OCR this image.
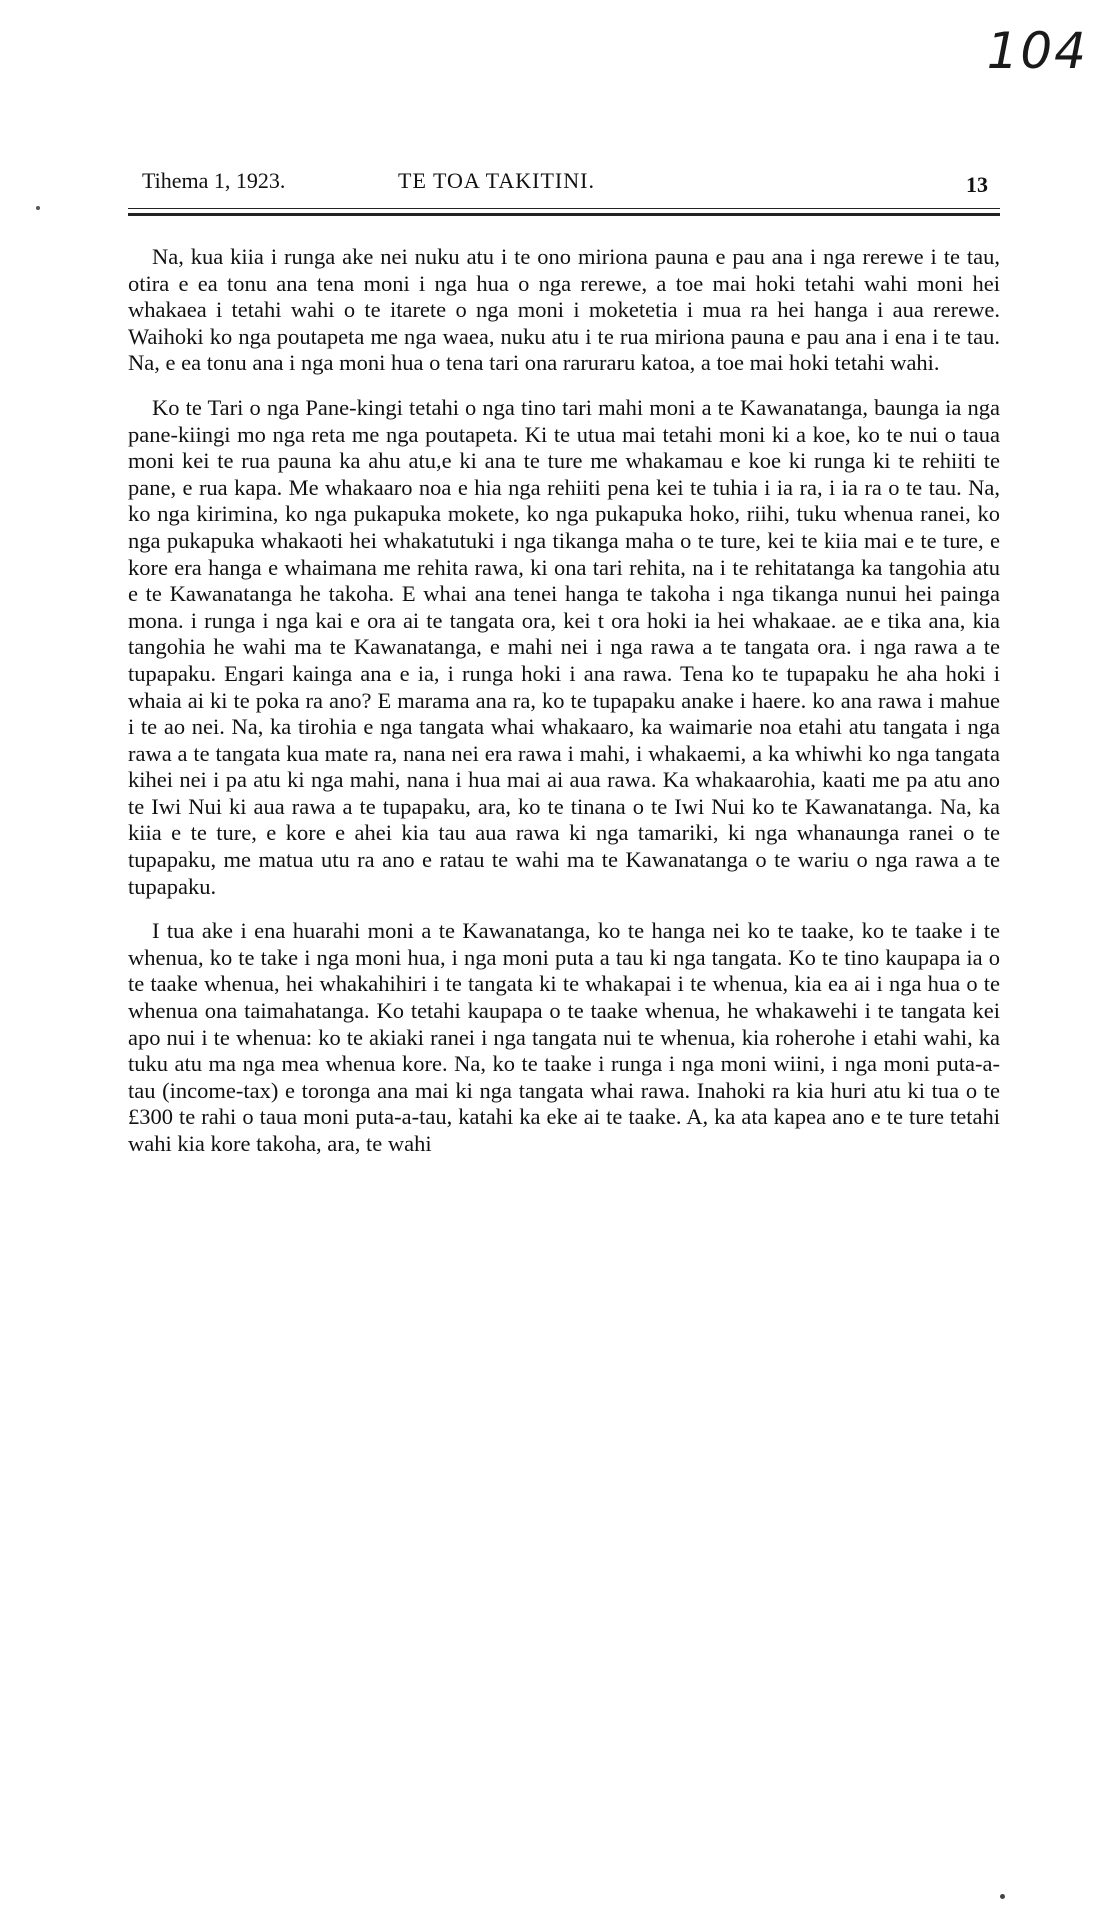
104
Tihema 1, 1923.	TE TOA TAKITINI.	13

Na, kua kiia i runga ake nei nuku atu i te ono miriona pauna e pau ana i nga rerewe i te tau, otira e ea tonu ana tena moni i nga hua o nga rerewe, a toe mai hoki tetahi wahi moni hei whakaea i tetahi wahi o te itarete o nga moni i moketetia i mua ra hei hanga i aua rerewe. Waihoki ko nga poutapeta me nga waea, nuku atu i te rua miriona pauna e pau ana i ena i te tau. Na, e ea tonu ana i nga moni hua o tena tari ona raruraru katoa, a toe mai hoki tetahi wahi.

Ko te Tari o nga Pane-kingi tetahi o nga tino tari mahi moni a te Kawanatanga, baunga ia nga pane-kiingi mo nga reta me nga poutapeta. Ki te utua mai tetahi moni ki a koe, ko te nui o taua moni kei te rua pauna ka ahu atu,e ki ana te ture me whakamau e koe ki runga ki te rehiiti te pane, e rua kapa. Me whakaaro noa e hia nga rehiiti pena kei te tuhia i ia ra, i ia ra o te tau. Na, ko nga kirimina, ko nga pukapuka mokete, ko nga pukapuka hoko, riihi, tuku whenua ranei, ko nga pukapuka whakaoti hei whakatutuki i nga tikanga maha o te ture, kei te kiia mai e te ture, e kore era hanga e whaimana me rehita rawa, ki ona tari rehita, na i te rehitatanga ka tangohia atu e te Kawanatanga he takoha. E whai ana tenei hanga te takoha i nga tikanga nunui hei painga mona. i runga i nga kai e ora ai te tangata ora, kei t ora hoki ia hei whakaae. ae e tika ana, kia tangohia he wahi ma te Kawanatanga, e mahi nei i nga rawa a te tangata ora. i nga rawa a te tupapaku. Engari kainga ana e ia, i runga hoki i ana rawa. Tena ko te tupapaku he aha hoki i whaia ai ki te poka ra ano? E marama ana ra, ko te tupapaku anake i haere. ko ana rawa i mahue i te ao nei. Na, ka tirohia e nga tangata whai whakaaro, ka waimarie noa etahi atu tangata i nga rawa a te tangata kua mate ra, nana nei era rawa i mahi, i whakaemi, a ka whiwhi ko nga tangata kihei nei i pa atu ki nga mahi, nana i hua mai ai aua rawa. Ka whakaarohia, kaati me pa atu ano te Iwi Nui ki aua rawa a te tupapaku, ara, ko te tinana o te Iwi Nui ko te Kawanatanga. Na, ka kiia e te ture, e kore e ahei kia tau aua rawa ki nga tamariki, ki nga whanaunga ranei o te tupapaku, me matua utu ra ano e ratau te wahi ma te Kawanatanga o te wariu o nga rawa a te tupapaku.

I tua ake i ena huarahi moni a te Kawanatanga, ko te hanga nei ko te taake, ko te taake i te whenua, ko te take i nga moni hua, i nga moni puta a tau ki nga tangata. Ko te tino kaupapa ia o te taake whenua, hei whakahihiri i te tangata ki te whakapai i te whenua, kia ea ai i nga hua o te whenua ona taimahatanga. Ko tetahi kaupapa o te taake whenua, he whakawehi i te tangata kei apo nui i te whenua: ko te akiaki ranei i nga tangata nui te whenua, kia roherohe i etahi wahi, ka tuku atu ma nga mea whenua kore. Na, ko te taake i runga i nga moni wiini, i nga moni puta-a-tau (income-tax) e toronga ana mai ki nga tangata whai rawa. Inahoki ra kia huri atu ki tua o te £300 te rahi o taua moni puta-a-tau, katahi ka eke ai te taake. A, ka ata kapea ano e te ture tetahi wahi kia kore takoha, ara, te wahi
